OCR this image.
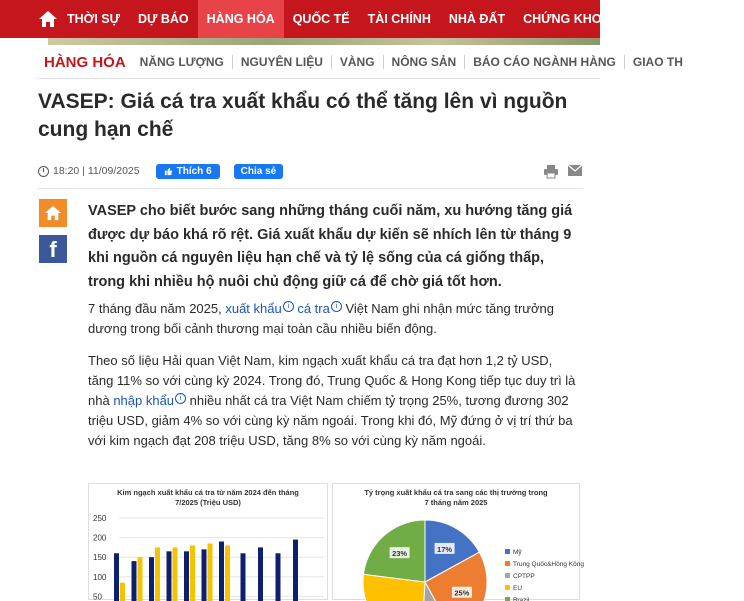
THỜI SỰ	DỰ BÁO	HÀNG HÓA	QUỐC TẾ	TÀI CHÍNH	NHÀ ĐẤT	CHỨNG KHOÁN	DOANH NGHIỆP
HÀNG HÓA NĂNG LƯỢNG	NGUYÊN LIỆU	VÀNG	NÔNG SẢN	BÁO CÁO NGÀNH HÀNG	GIAO TH
VASEP: Giá cá tra xuất khẩu có thể tăng lên vì nguồn cung hạn chế
18:20 | 11/09/2025	Thích 6	Chia sẻ
f

VASEP cho biết bước sang những tháng cuối năm, xu hướng tăng giá được dự báo khá rõ rệt. Giá xuất khẩu dự kiến sẽ nhích lên từ tháng 9 khi nguồn cá nguyên liệu hạn chế và tỷ lệ sống của cá giống thấp, trong khi nhiều hộ nuôi chủ động giữ cá để chờ giá tốt hơn.

7 tháng đầu năm 2025, xuất khẩu i cá tra i Việt Nam ghi nhận mức tăng trưởng dương trong bối cảnh thương mại toàn cầu nhiều biến động.

Theo số liệu Hải quan Việt Nam, kim ngạch xuất khẩu cá tra đạt hơn 1,2 tỷ USD, tăng 11% so với cùng kỳ 2024. Trong đó, Trung Quốc & Hong Kong tiếp tục duy trì là nhà nhập khẩu i nhiều nhất cá tra Việt Nam chiếm tỷ trọng 25%, tương đương 302 triệu USD, giảm 4% so với cùng kỳ năm ngoái. Trong khi đó, Mỹ đứng ở vị trí thứ ba với kim ngạch đạt 208 triệu USD, tăng 8% so với cùng kỳ năm ngoái.

Kim ngạch xuất khẩu cá tra từ năm 2024 đến tháng 7/2025 (Triệu USD)
250
200
150
100
50
Tỷ trọng xuất khẩu cá tra sang các thị trường trong 7 tháng năm 2025
17%
25%
23%	Mỹ
Trung Quốc&Hồng Kông
CPTPP
EU
Brazil
